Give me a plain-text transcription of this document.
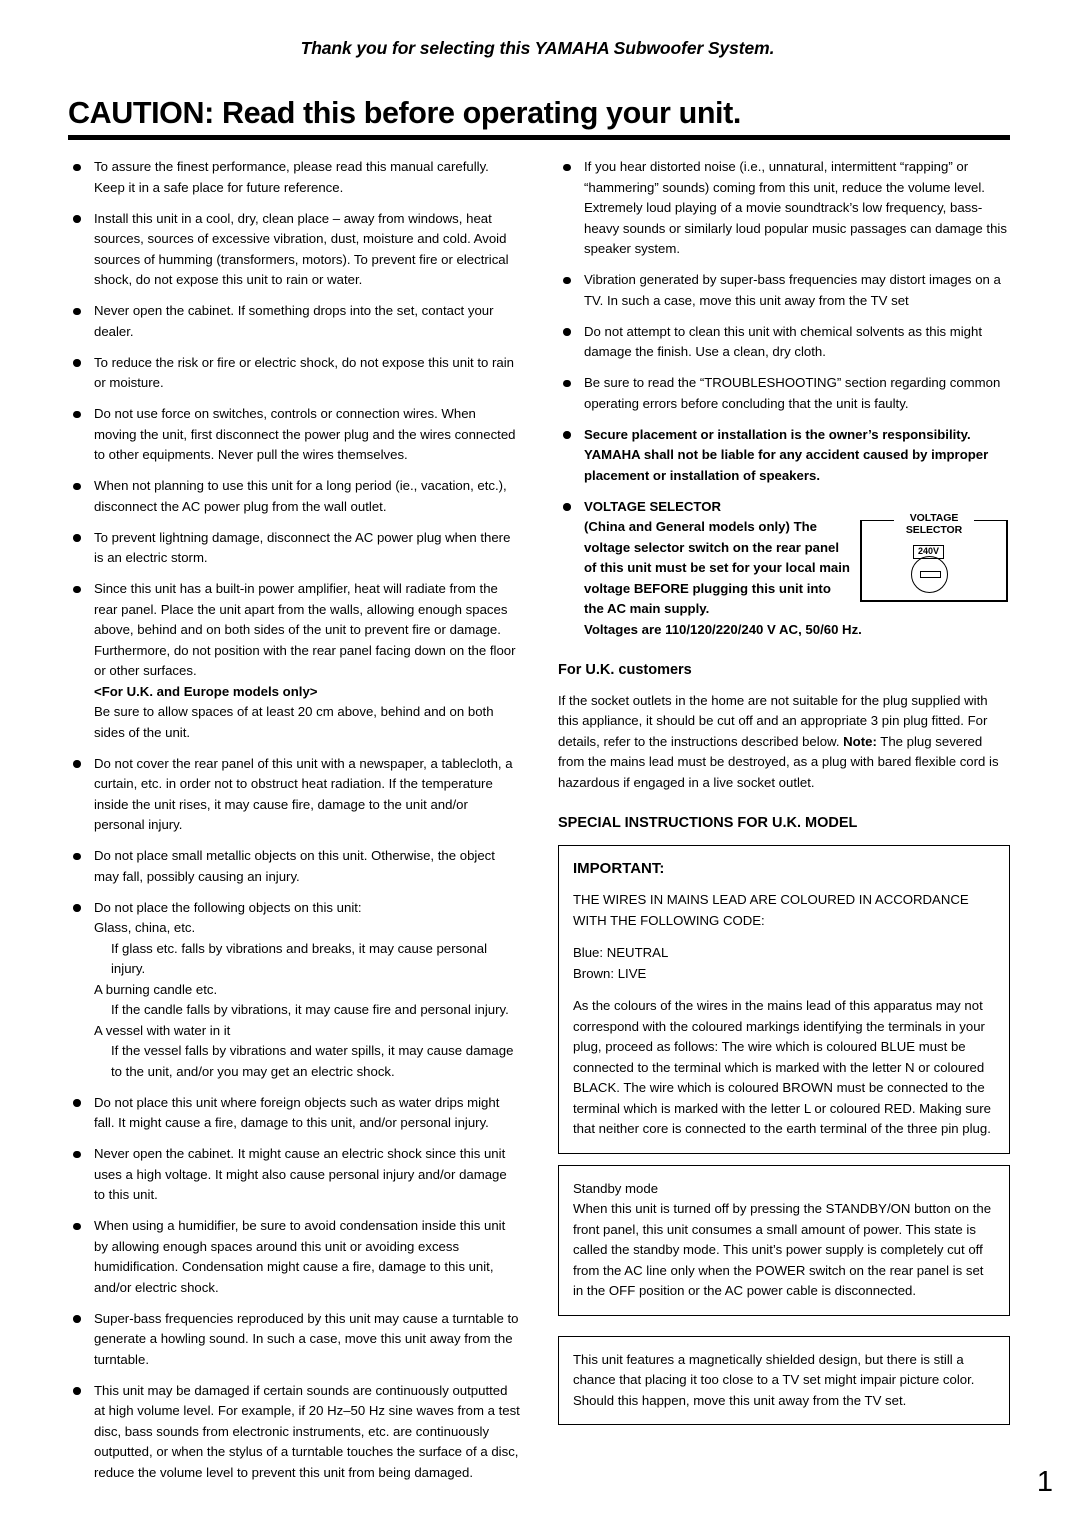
Thank you for selecting this YAMAHA Subwoofer System.
CAUTION: Read this before operating your unit.

To assure the finest performance, please read this manual carefully. Keep it in a safe place for future reference.

Install this unit in a cool, dry, clean place – away from windows, heat sources, sources of excessive vibration, dust, moisture and cold. Avoid sources of humming (transformers, motors). To prevent fire or electrical shock, do not expose this unit to rain or water.

Never open the cabinet. If something drops into the set, contact your dealer.

To reduce the risk or fire or electric shock, do not expose this unit to rain or moisture.

Do not use force on switches, controls or connection wires. When moving the unit, first disconnect the power plug and the wires connected to other equipments. Never pull the wires themselves.

When not planning to use this unit for a long period (ie., vacation, etc.), disconnect the AC power plug from the wall outlet.

To prevent lightning damage, disconnect the AC power plug when there is an electric storm.

Since this unit has a built-in power amplifier, heat will radiate from the rear panel. Place the unit apart from the walls, allowing enough spaces above, behind and on both sides of the unit to prevent fire or damage. Furthermore, do not position with the rear panel facing down on the floor or other surfaces.

<For U.K. and Europe models only>

Be sure to allow spaces of at least 20 cm above, behind and on both sides of the unit.

Do not cover the rear panel of this unit with a newspaper, a tablecloth, a curtain, etc. in order not to obstruct heat radiation. If the temperature inside the unit rises, it may cause fire, damage to the unit and/or personal injury.

Do not place small metallic objects on this unit. Otherwise, the object may fall, possibly causing an injury.

Do not place the following objects on this unit:

Glass, china, etc.

If glass etc. falls by vibrations and breaks, it may cause personal injury.

A burning candle etc.

If the candle falls by vibrations, it may cause fire and personal injury.

A vessel with water in it

If the vessel falls by vibrations and water spills, it may cause damage to the unit, and/or you may get an electric shock.

Do not place this unit where foreign objects such as water drips might fall. It might cause a fire, damage to this unit, and/or personal injury.

Never open the cabinet. It might cause an electric shock since this unit uses a high voltage. It might also cause personal injury and/or damage to this unit.

When using a humidifier, be sure to avoid condensation inside this unit by allowing enough spaces around this unit or avoiding excess humidification. Condensation might cause a fire, damage to this unit, and/or electric shock.

Super-bass frequencies reproduced by this unit may cause a turntable to generate a howling sound. In such a case, move this unit away from the turntable.

This unit may be damaged if certain sounds are continuously outputted at high volume level. For example, if 20 Hz–50 Hz sine waves from a test disc, bass sounds from electronic instruments, etc. are continuously outputted, or when the stylus of a turntable touches the surface of a disc, reduce the volume level to prevent this unit from being damaged.

If you hear distorted noise (i.e., unnatural, intermittent “rapping” or “hammering” sounds) coming from this unit, reduce the volume level. Extremely loud playing of a movie soundtrack’s low frequency, bass-heavy sounds or similarly loud popular music passages can damage this speaker system.

Vibration generated by super-bass frequencies may distort images on a TV. In such a case, move this unit away from the TV set

Do not attempt to clean this unit with chemical solvents as this might damage the finish. Use a clean, dry cloth.

Be sure to read the “TROUBLESHOOTING” section regarding common operating errors before concluding that the unit is faulty.

Secure placement or installation is the owner’s responsibility.

YAMAHA shall not be liable for any accident caused by improper placement or installation of speakers.

VOLTAGE
SELECTOR
240V

VOLTAGE SELECTOR

(China and General models only) The voltage selector switch on the rear panel of this unit must be set for your local main voltage BEFORE plugging this unit into the AC main supply.

Voltages are 110/120/220/240 V AC, 50/60 Hz.

For U.K. customers

If the socket outlets in the home are not suitable for the plug supplied with this appliance, it should be cut off and an appropriate 3 pin plug fitted. For details, refer to the instructions described below. Note: The plug severed from the mains lead must be destroyed, as a plug with bared flexible cord is hazardous if engaged in a live socket outlet.

SPECIAL INSTRUCTIONS FOR U.K. MODEL

IMPORTANT:

THE WIRES IN MAINS LEAD ARE COLOURED IN ACCORDANCE WITH THE FOLLOWING CODE:

Blue: NEUTRAL

Brown: LIVE

As the colours of the wires in the mains lead of this apparatus may not correspond with the coloured markings identifying the terminals in your plug, proceed as follows: The wire which is coloured BLUE must be connected to the terminal which is marked with the letter N or coloured BLACK. The wire which is coloured BROWN must be connected to the terminal which is marked with the letter L or coloured RED. Making sure that neither core is connected to the earth terminal of the three pin plug.

Standby mode

When this unit is turned off by pressing the STANDBY/ON button on the front panel, this unit consumes a small amount of power. This state is called the standby mode. This unit’s power supply is completely cut off from the AC line only when the POWER switch on the rear panel is set in the OFF position or the AC power cable is disconnected.

This unit features a magnetically shielded design, but there is still a chance that placing it too close to a TV set might impair picture color. Should this happen, move this unit away from the TV set.

1
